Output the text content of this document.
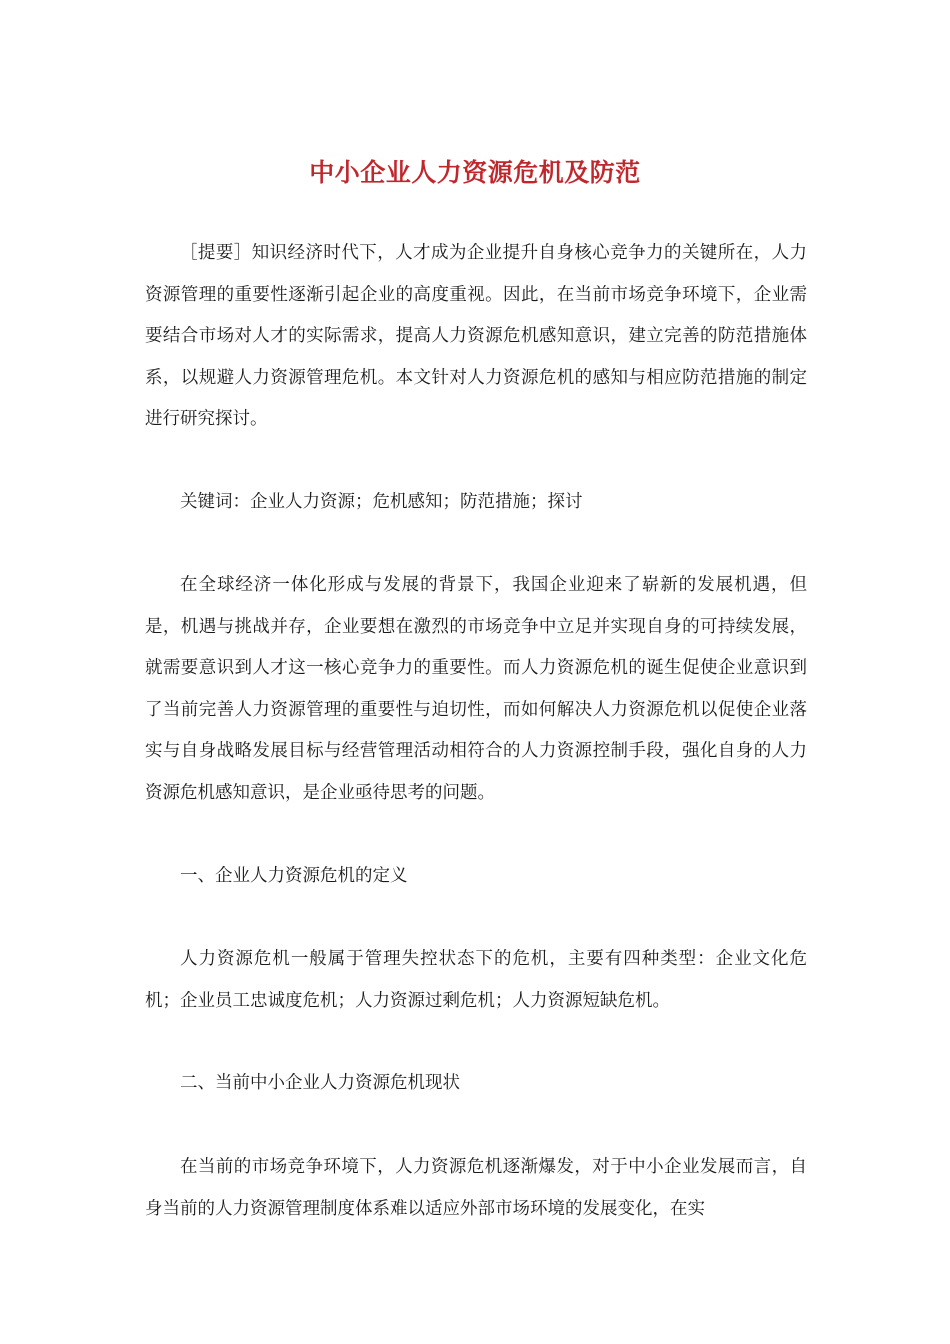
中小企业人力资源危机及防范
［提要］知识经济时代下，人才成为企业提升自身核心竞争力的关键所在，人力资源管理的重要性逐渐引起企业的高度重视。因此，在当前市场竞争环境下，企业需要结合市场对人才的实际需求，提高人力资源危机感知意识，建立完善的防范措施体系，以规避人力资源管理危机。本文针对人力资源危机的感知与相应防范措施的制定进行研究探讨。
关键词：企业人力资源；危机感知；防范措施；探讨
在全球经济一体化形成与发展的背景下，我国企业迎来了崭新的发展机遇，但是，机遇与挑战并存，企业要想在激烈的市场竞争中立足并实现自身的可持续发展，就需要意识到人才这一核心竞争力的重要性。而人力资源危机的诞生促使企业意识到了当前完善人力资源管理的重要性与迫切性，而如何解决人力资源危机以促使企业落实与自身战略发展目标与经营管理活动相符合的人力资源控制手段，强化自身的人力资源危机感知意识，是企业亟待思考的问题。
一、企业人力资源危机的定义
人力资源危机一般属于管理失控状态下的危机，主要有四种类型：企业文化危机；企业员工忠诚度危机；人力资源过剩危机；人力资源短缺危机。
二、当前中小企业人力资源危机现状
在当前的市场竞争环境下，人力资源危机逐渐爆发，对于中小企业发展而言，自身当前的人力资源管理制度体系难以适应外部市场环境的发展变化，在实
